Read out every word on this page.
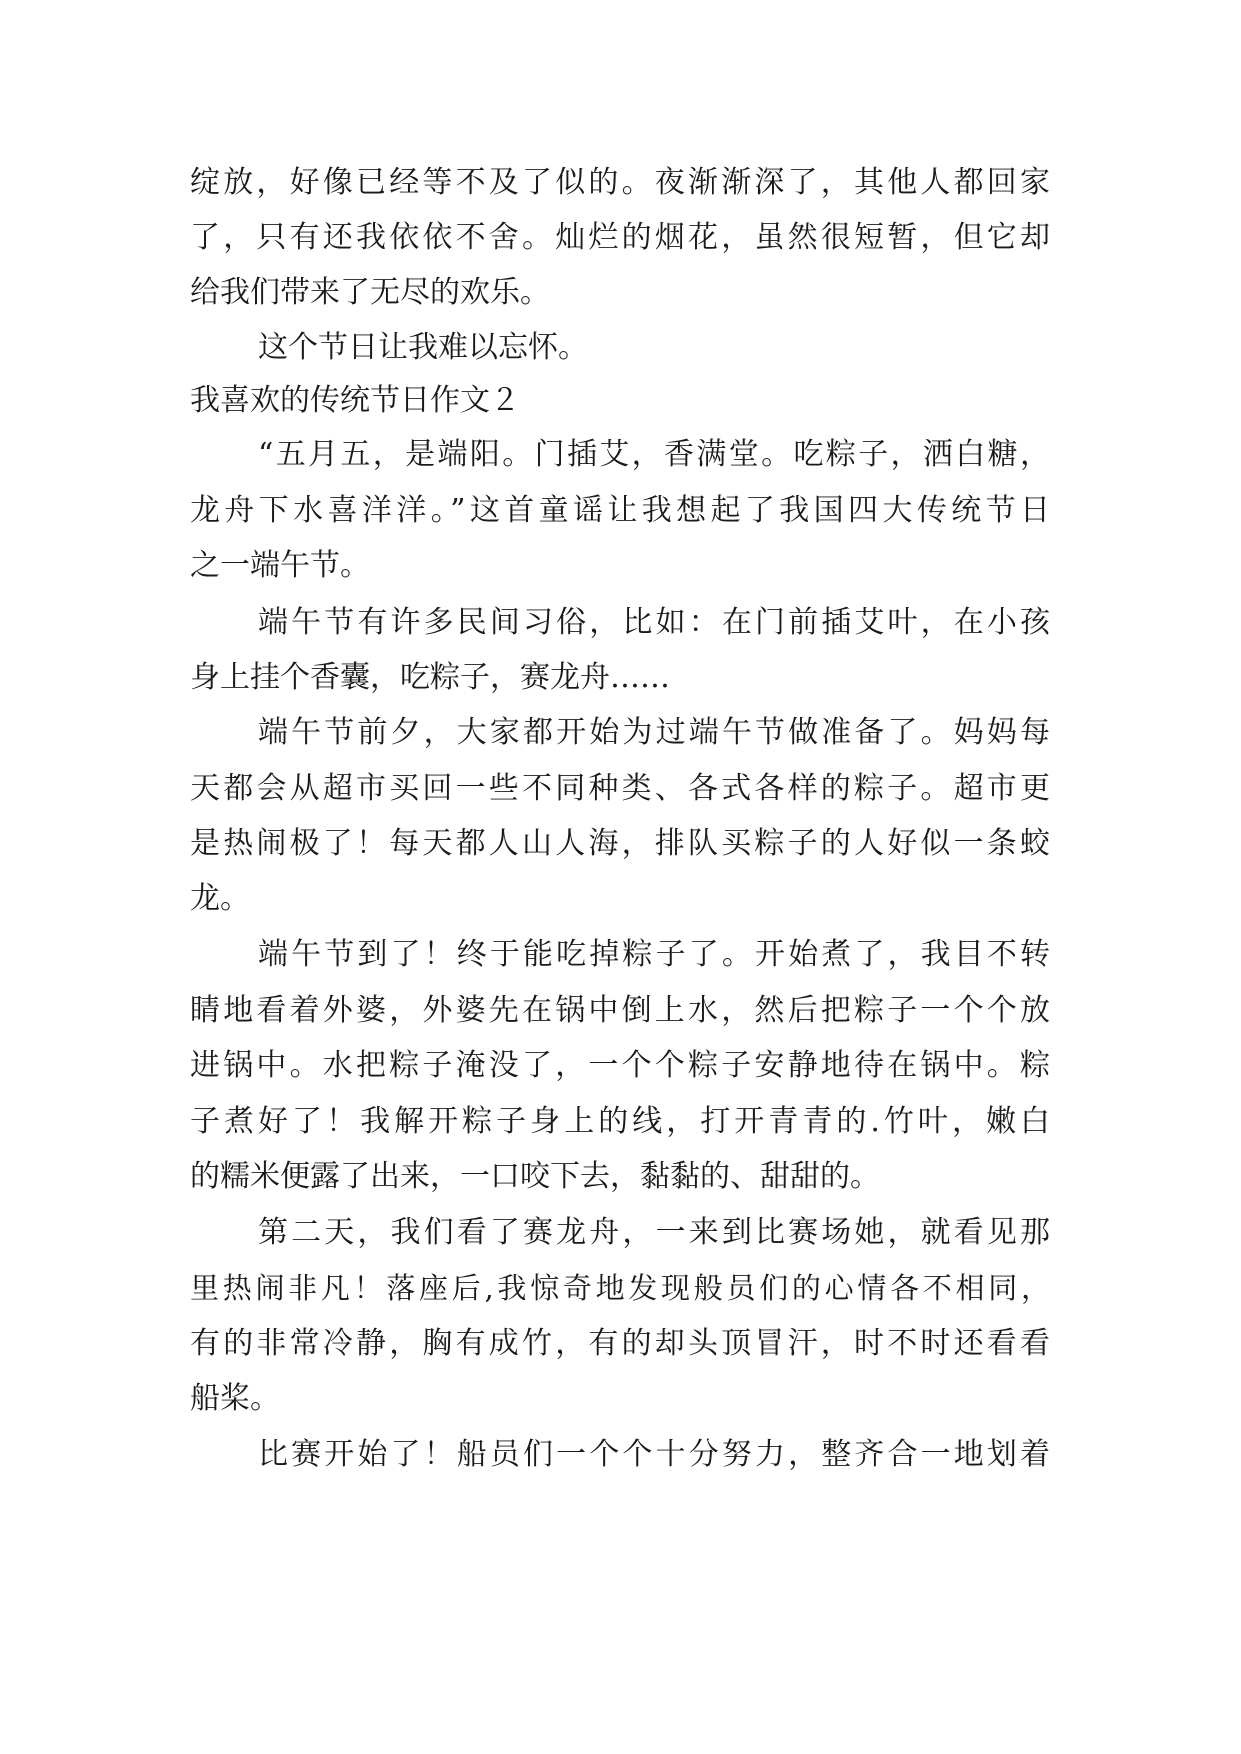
绽放，好像已经等不及了似的。夜渐渐深了，其他人都回家
了，只有还我依依不舍。灿烂的烟花，虽然很短暂，但它却
给我们带来了无尽的欢乐。
这个节日让我难以忘怀。
我喜欢的传统节日作文２
“五月五，是端阳。门插艾，香满堂。吃粽子，洒白糖，
龙舟下水喜洋洋。”这首童谣让我想起了我国四大传统节日
之一端午节。
端午节有许多民间习俗，比如：在门前插艾叶，在小孩
身上挂个香囊，吃粽子，赛龙舟……
端午节前夕，大家都开始为过端午节做准备了。妈妈每
天都会从超市买回一些不同种类、各式各样的粽子。超市更
是热闹极了！每天都人山人海，排队买粽子的人好似一条蛟
龙。
端午节到了！终于能吃掉粽子了。开始煮了，我目不转
睛地看着外婆，外婆先在锅中倒上水，然后把粽子一个个放
进锅中。水把粽子淹没了，一个个粽子安静地待在锅中。粽
子煮好了！我解开粽子身上的线，打开青青的.竹叶，嫩白
的糯米便露了出来，一口咬下去，黏黏的、甜甜的。
第二天，我们看了赛龙舟，一来到比赛场她，就看见那
里热闹非凡！落座后,我惊奇地发现般员们的心情各不相同，
有的非常冷静，胸有成竹，有的却头顶冒汗，时不时还看看
船桨。
比赛开始了！船员们一个个十分努力，整齐合一地划着
